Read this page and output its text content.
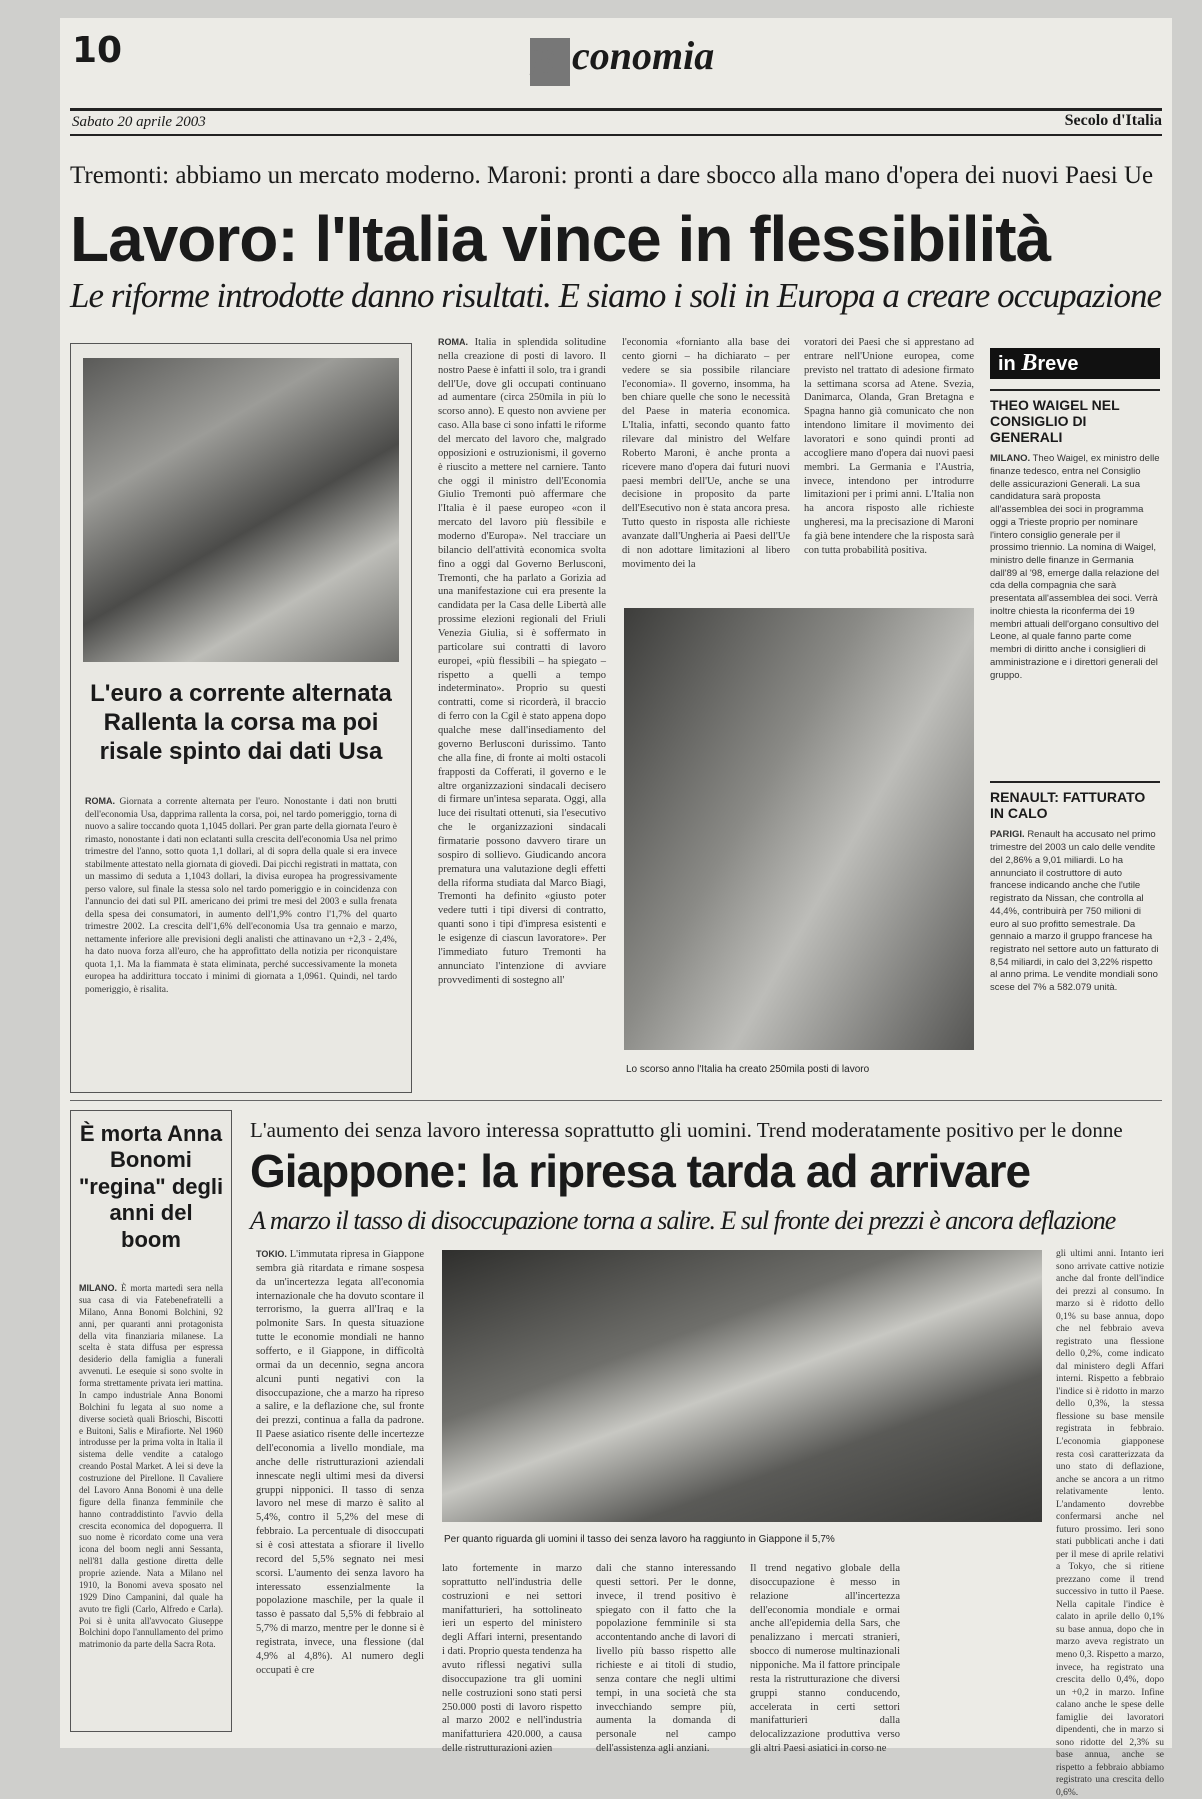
10	E conomia
Sabato 20 aprile 2003	Secolo d'Italia
Tremonti: abbiamo un mercato moderno. Maroni: pronti a dare sbocco alla mano d'opera dei nuovi Paesi Ue
Lavoro: l'Italia vince in flessibilità
Le riforme introdotte danno risultati. E siamo i soli in Europa a creare occupazione
L'euro a corrente alternata
Rallenta la corsa ma poi
risale spinto dai dati Usa
ROMA. Giornata a corrente alternata per l'euro. Nonostante i dati non brutti dell'economia Usa, dapprima rallenta la corsa, poi, nel tardo pomeriggio, torna di nuovo a salire toccando quota 1,1045 dollari. Per gran parte della giornata l'euro è rimasto, nonostante i dati non eclatanti sulla crescita dell'economia Usa nel primo trimestre del l'anno, sotto quota 1,1 dollari, al di sopra della quale si era invece stabilmente attestato nella giornata di giovedì. Dai picchi registrati in mattata, con un massimo di seduta a 1,1043 dollari, la divisa europea ha progressivamente perso valore, sul finale la stessa solo nel tardo pomeriggio e in coincidenza con l'annuncio dei dati sul PIL americano dei primi tre mesi del 2003 e sulla frenata della spesa dei consumatori, in aumento dell'1,9% contro l'1,7% del quarto trimestre 2002. La crescita dell'1,6% dell'economia Usa tra gennaio e marzo, nettamente inferiore alle previsioni degli analisti che attinavano un +2,3 - 2,4%, ha dato nuova forza all'euro, che ha approfittato della notizia per riconquistare quota 1,1. Ma la fiammata è stata eliminata, perché successivamente la moneta europea ha addirittura toccato i minimi di giornata a 1,0961. Quindi, nel tardo pomeriggio, è risalita.
ROMA. Italia in splendida solitudine nella creazione di posti di lavoro. Il nostro Paese è infatti il solo, tra i grandi dell'Ue, dove gli occupati continuano ad aumentare (circa 250mila in più lo scorso anno). E questo non avviene per caso. Alla base ci sono infatti le riforme del mercato del lavoro che, malgrado opposizioni e ostruzionismi, il governo è riuscito a mettere nel carniere. Tanto che oggi il ministro dell'Economia Giulio Tremonti può affermare che l'Italia è il paese europeo «con il mercato del lavoro più flessibile e moderno d'Europa». Nel tracciare un bilancio dell'attività economica svolta fino a oggi dal Governo Berlusconi, Tremonti, che ha parlato a Gorizia ad una manifestazione cui era presente la candidata per la Casa delle Libertà alle prossime elezioni regionali del Friuli Venezia Giulia, si è soffermato in particolare sui contratti di lavoro europei, «più flessibili – ha spiegato – rispetto a quelli a tempo indeterminato». Proprio su questi contratti, come si ricorderà, il braccio di ferro con la Cgil è stato appena dopo qualche mese dall'insediamento del governo Berlusconi durissimo. Tanto che alla fine, di fronte ai molti ostacoli frapposti da Cofferati, il governo e le altre organizzazioni sindacali decisero di firmare un'intesa separata. Oggi, alla luce dei risultati ottenuti, sia l'esecutivo che le organizzazioni sindacali firmatarie possono davvero tirare un sospiro di sollievo. Giudicando ancora prematura una valutazione degli effetti della riforma studiata dal Marco Biagi, Tremonti ha definito «giusto poter vedere tutti i tipi diversi di contratto, quanti sono i tipi d'impresa esistenti e le esigenze di ciascun lavoratore». Per l'immediato futuro Tremonti ha annunciato l'intenzione di avviare provvedimenti di sostegno all'
l'economia «fornianto alla base dei cento giorni – ha dichiarato – per vedere se sia possibile rilanciare l'economia». Il governo, insomma, ha ben chiare quelle che sono le necessità del Paese in materia economica. L'Italia, infatti, secondo quanto fatto rilevare dal ministro del Welfare Roberto Maroni, è anche pronta a ricevere mano d'opera dai futuri nuovi paesi membri dell'Ue, anche se una decisione in proposito da parte dell'Esecutivo non è stata ancora presa. Tutto questo in risposta alle richieste avanzate dall'Ungheria ai Paesi dell'Ue di non adottare limitazioni al libero movimento dei la
voratori dei Paesi che si apprestano ad entrare nell'Unione europea, come previsto nel trattato di adesione firmato la settimana scorsa ad Atene. Svezia, Danimarca, Olanda, Gran Bretagna e Spagna hanno già comunicato che non intendono limitare il movimento dei lavoratori e sono quindi pronti ad accogliere mano d'opera dai nuovi paesi membri. La Germania e l'Austria, invece, intendono per introdurre limitazioni per i primi anni. L'Italia non ha ancora risposto alle richieste ungheresi, ma la precisazione di Maroni fa già bene intendere che la risposta sarà con tutta probabilità positiva.
Lo scorso anno l'Italia ha creato 250mila posti di lavoro
in Breve
THEO WAIGEL NEL CONSIGLIO DI GENERALI
MILANO. Theo Waigel, ex ministro delle finanze tedesco, entra nel Consiglio delle assicurazioni Generali. La sua candidatura sarà proposta all'assemblea dei soci in programma oggi a Trieste proprio per nominare l'intero consiglio generale per il prossimo triennio. La nomina di Waigel, ministro delle finanze in Germania dall'89 al '98, emerge dalla relazione del cda della compagnia che sarà presentata all'assemblea dei soci. Verrà inoltre chiesta la riconferma dei 19 membri attuali dell'organo consultivo del Leone, al quale fanno parte come membri di diritto anche i consiglieri di amministrazione e i direttori generali del gruppo.
RENAULT: FATTURATO IN CALO
PARIGI. Renault ha accusato nel primo trimestre del 2003 un calo delle vendite del 2,86% a 9,01 miliardi. Lo ha annunciato il costruttore di auto francese indicando anche che l'utile registrato da Nissan, che controlla al 44,4%, contribuirà per 750 milioni di euro al suo profitto semestrale. Da gennaio a marzo il gruppo francese ha registrato nel settore auto un fatturato di 8,54 miliardi, in calo del 3,22% rispetto al anno prima. Le vendite mondiali sono scese del 7% a 582.079 unità.
È morta Anna Bonomi "regina" degli anni del boom
MILANO. È morta martedì sera nella sua casa di via Fatebenefratelli a Milano, Anna Bonomi Bolchini, 92 anni, per quaranti anni protagonista della vita finanziaria milanese. La scelta è stata diffusa per espressa desiderio della famiglia a funerali avvenuti. Le esequie si sono svolte in forma strettamente privata ieri mattina. In campo industriale Anna Bonomi Bolchini fu legata al suo nome a diverse società quali Brioschi, Biscotti e Buitoni, Salis e Mirafiorte. Nel 1960 introdusse per la prima volta in Italia il sistema delle vendite a catalogo creando Postal Market. A lei si deve la costruzione del Pirellone. Il Cavaliere del Lavoro Anna Bonomi è una delle figure della finanza femminile che hanno contraddistinto l'avvio della crescita economica del dopoguerra. Il suo nome è ricordato come una vera icona del boom negli anni Sessanta, nell'81 dalla gestione diretta delle proprie aziende. Nata a Milano nel 1910, la Bonomi aveva sposato nel 1929 Dino Campanini, dal quale ha avuto tre figli (Carlo, Alfredo e Carla). Poi si è unita all'avvocato Giuseppe Bolchini dopo l'annullamento del primo matrimonio da parte della Sacra Rota.
L'aumento dei senza lavoro interessa soprattutto gli uomini. Trend moderatamente positivo per le donne
Giappone: la ripresa tarda ad arrivare
A marzo il tasso di disoccupazione torna a salire. E sul fronte dei prezzi è ancora deflazione
TOKIO. L'immutata ripresa in Giappone sembra già ritardata e rimane sospesa da un'incertezza legata all'economia internazionale che ha dovuto scontare il terrorismo, la guerra all'Iraq e la polmonite Sars. In questa situazione tutte le economie mondiali ne hanno sofferto, e il Giappone, in difficoltà ormai da un decennio, segna ancora alcuni punti negativi con la disoccupazione, che a marzo ha ripreso a salire, e la deflazione che, sul fronte dei prezzi, continua a falla da padrone. Il Paese asiatico risente delle incertezze dell'economia a livello mondiale, ma anche delle ristrutturazioni aziendali innescate negli ultimi mesi da diversi gruppi nipponici. Il tasso di senza lavoro nel mese di marzo è salito al 5,4%, contro il 5,2% del mese di febbraio. La percentuale di disoccupati si è così attestata a sfiorare il livello record del 5,5% segnato nei mesi scorsi. L'aumento dei senza lavoro ha interessato essenzialmente la popolazione maschile, per la quale il tasso è passato dal 5,5% di febbraio al 5,7% di marzo, mentre per le donne si è registrata, invece, una flessione (dal 4,9% al 4,8%). Al numero degli occupati è cre
Per quanto riguarda gli uomini il tasso dei senza lavoro ha raggiunto in Giappone il 5,7%
lato fortemente in marzo soprattutto nell'industria delle costruzioni e nei settori manifatturieri, ha sottolineato ieri un esperto del ministero degli Affari interni, presentando i dati. Proprio questa tendenza ha avuto riflessi negativi sulla disoccupazione tra gli uomini nelle costruzioni sono stati persi 250.000 posti di lavoro rispetto al marzo 2002 e nell'industria manifatturiera 420.000, a causa delle ristrutturazioni azien
dali che stanno interessando questi settori. Per le donne, invece, il trend positivo è spiegato con il fatto che la popolazione femminile si sta accontentando anche di lavori di livello più basso rispetto alle richieste e ai titoli di studio, senza contare che negli ultimi tempi, in una società che sta invecchiando sempre più, aumenta la domanda di personale nel campo dell'assistenza agli anziani.
Il trend negativo globale della disoccupazione è messo in relazione all'incertezza dell'economia mondiale e ormai anche all'epidemia della Sars, che penalizzano i mercati stranieri, sbocco di numerose multinazionali nipponiche. Ma il fattore principale resta la ristrutturazione che diversi gruppi stanno conducendo, accelerata in certi settori manifatturieri dalla delocalizzazione produttiva verso gli altri Paesi asiatici in corso ne
gli ultimi anni. Intanto ieri sono arrivate cattive notizie anche dal fronte dell'indice dei prezzi al consumo. In marzo si è ridotto dello 0,1% su base annua, dopo che nel febbraio aveva registrato una flessione dello 0,2%, come indicato dal ministero degli Affari interni. Rispetto a febbraio l'indice si è ridotto in marzo dello 0,3%, la stessa flessione su base mensile registrata in febbraio. L'economia giapponese resta così caratterizzata da uno stato di deflazione, anche se ancora a un ritmo relativamente lento. L'andamento dovrebbe confermarsi anche nel futuro prossimo. Ieri sono stati pubblicati anche i dati per il mese di aprile relativi a Tokyo, che si ritiene prezzano come il trend successivo in tutto il Paese. Nella capitale l'indice è calato in aprile dello 0,1% su base annua, dopo che in marzo aveva registrato un meno 0,3. Rispetto a marzo, invece, ha registrato una crescita dello 0,4%, dopo un +0,2 in marzo. Infine calano anche le spese delle famiglie dei lavoratori dipendenti, che in marzo si sono ridotte del 2,3% su base annua, anche se rispetto a febbraio abbiamo registrato una crescita dello 0,6%.
